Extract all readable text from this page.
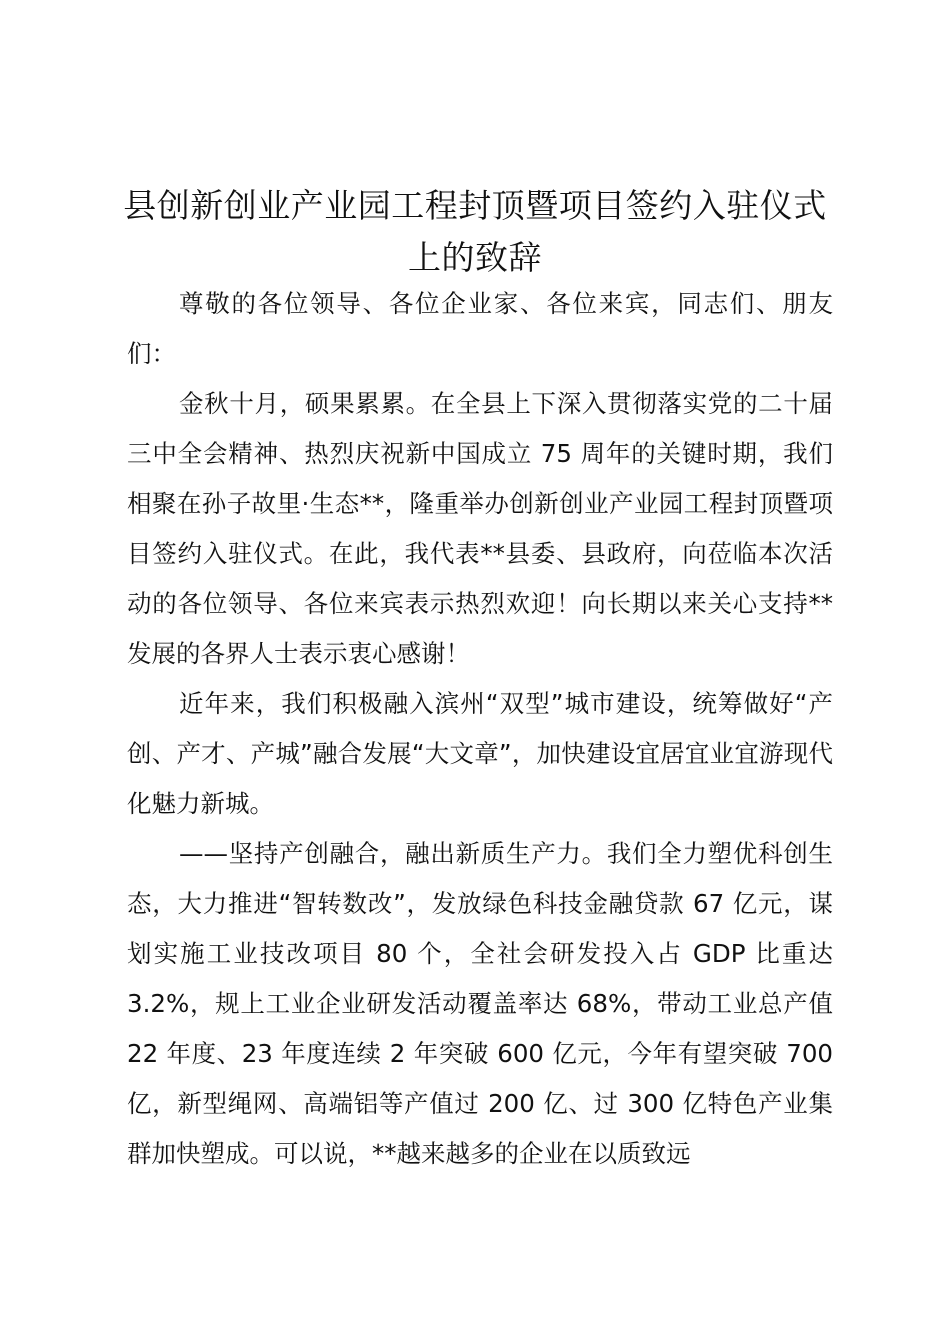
县创新创业产业园工程封顶暨项目签约入驻仪式上的致辞

尊敬的各位领导、各位企业家、各位来宾，同志们、朋友们：

金秋十月，硕果累累。在全县上下深入贯彻落实党的二十届三中全会精神、热烈庆祝新中国成立 75 周年的关键时期，我们相聚在孙子故里·生态**，隆重举办创新创业产业园工程封顶暨项目签约入驻仪式。在此，我代表**县委、县政府，向莅临本次活动的各位领导、各位来宾表示热烈欢迎！向长期以来关心支持**发展的各界人士表示衷心感谢！

近年来，我们积极融入滨州“双型”城市建设，统筹做好“产创、产才、产城”融合发展“大文章”，加快建设宜居宜业宜游现代化魅力新城。

——坚持产创融合，融出新质生产力。我们全力塑优科创生态，大力推进“智转数改”，发放绿色科技金融贷款 67 亿元，谋划实施工业技改项目 80 个，全社会研发投入占 GDP 比重达 3.2%，规上工业企业研发活动覆盖率达 68%，带动工业总产值 22 年度、23 年度连续 2 年突破 600 亿元，今年有望突破 700 亿，新型绳网、高端铝等产值过 200 亿、过 300 亿特色产业集群加快塑成。可以说，**越来越多的企业在以质致远
